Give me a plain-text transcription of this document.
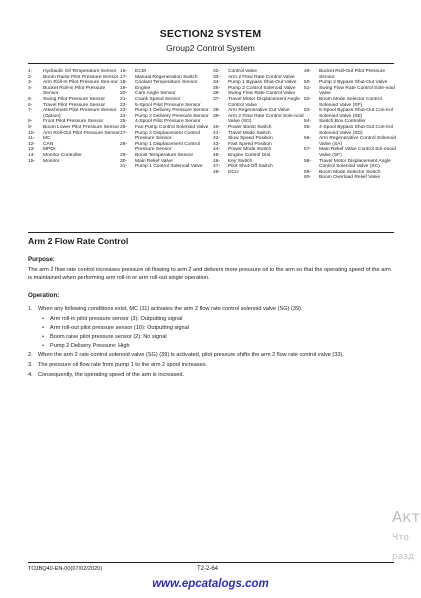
SECTION2 SYSTEM
Group2 Control System
1-	Hydraulic Oil Temperature Sensor
2-	Boom Raise Pilot Pressure Sensor
3-	Arm Roll-In Pilot Pressure Sen-sor
4-	Bucket Roll-In Pilot Pressure Sensor
5-	Swing Pilot Pressure Sensor
6-	Travel Pilot Pressure Sensor
7-	Attachment Pilot Pressure Sensor (Option)
8-	Front Pilot Pressure Sensor
9-	Boom Lower Pilot Pressure Sensor
10-	Arm Roll-Out Pilot Pressure Sensor
11-	MC
12-	CAN
13-	MPDr.
14-	Monitor Controller
15-	Monitor
16-	ECM
17-	Manual Regeneration Switch
18-	Coolant Temperature Sensor
19-	Engine
20-	Cam Angle Sensor
21-	Crank Speed Sensor
22-	5-Spool Pilot Pressure Sensor
23-	Pump 1 Delivery Pressure Sensor
24-	Pump 2 Delivery Pressure Sensor
25-	4-Spool Pilot Pressure Sensor
26-	Fan Pump Control Solenoid Valve
27-	Pump 2 Displacement Control Pressure Sensor
28-	Pump 1 Displacement Control Pressure Sensor
29-	Boost Temperature Sensor
30-	Main Relief Valve
31-	Pump 1 Control Solenoid Valve
32-	Control Valve
33-	Arm 2 Flow Rate Control Valve
34-	Pump 1 Bypass Shut-Out Valve
35-	Pump 2 Control Solenoid Valve
36-	Swing Flow Rate Control Valve
37-	Travel Motor Displacement Angle Control Valve
38-	Arm Regenerative Cut Valve
39-	Arm 2 Flow Rate Control Sole-noid Valve (SG)
40-	Power Boost Switch
41-	Travel Mode Switch
42-	Slow Speed Position
43-	Fast Speed Position
44-	Power Mode Switch
45-	Engine Control Dial
46-	Key Switch
47-	Pilot Shut-Off Switch
48-	DCU
49-	Bucket Roll-Out Pilot Pressure Sensor
50-	Pump 2 Bypass Shut-Out Valve
51-	Swing Flow Rate Control Sole-noid Valve
52-	Boom Mode Selector Control Solenoid Valve (SF)
53-	5-Spool Bypass Shut-Out Con-trol Solenoid Valve (SE)
54-	Switch Box Controller
55-	4-Spool Bypass Shut-Out Con-trol Solenoid Valve (SD)
56-	Arm Regenerative Control Solenoid Valve (SA)
57-	Main Relief Valve Control Sol-enoid Valve (SF)
58-	Travel Motor Displacement Angle Control Solenoid Valve (SC)
59-	Boom Mode Selector Switch
60-	Boom Overload Relief Valve
Arm 2 Flow Rate Control
Purpose:
The arm 2 flow rate control increases pressure oil flowing to arm 2 and delivers more pressure oil to the arm so that the operating speed of the arm is maintained when performing arm roll-in or arm roll-out single operation.
Operation:
1. When any following conditions exist, MC (11) activates the arm 2 flow rate control solenoid valve (SG) (39).
•	Arm roll-in pilot pressure sensor (3): Outputting signal
•	Arm roll-out pilot pressure sensor (10): Outputting signal
•	Boom raise pilot pressure sensor (2): No signal
•	Pump 2 Delivery Pressure: High
2. When the arm 2 rate control solenoid valve (SG) (39) is activated, pilot pressure shifts the arm 2 flow rate control valve (33).
3. The pressure oil flow rate from pump 1 to the arm 2 spool increases.
4. Consequently, the operating speed of the arm is increased.
Акт
Что
разд
TOJBQ40-EN-00(07/02/2020)	T2-2-64
www.epcatalogs.com
